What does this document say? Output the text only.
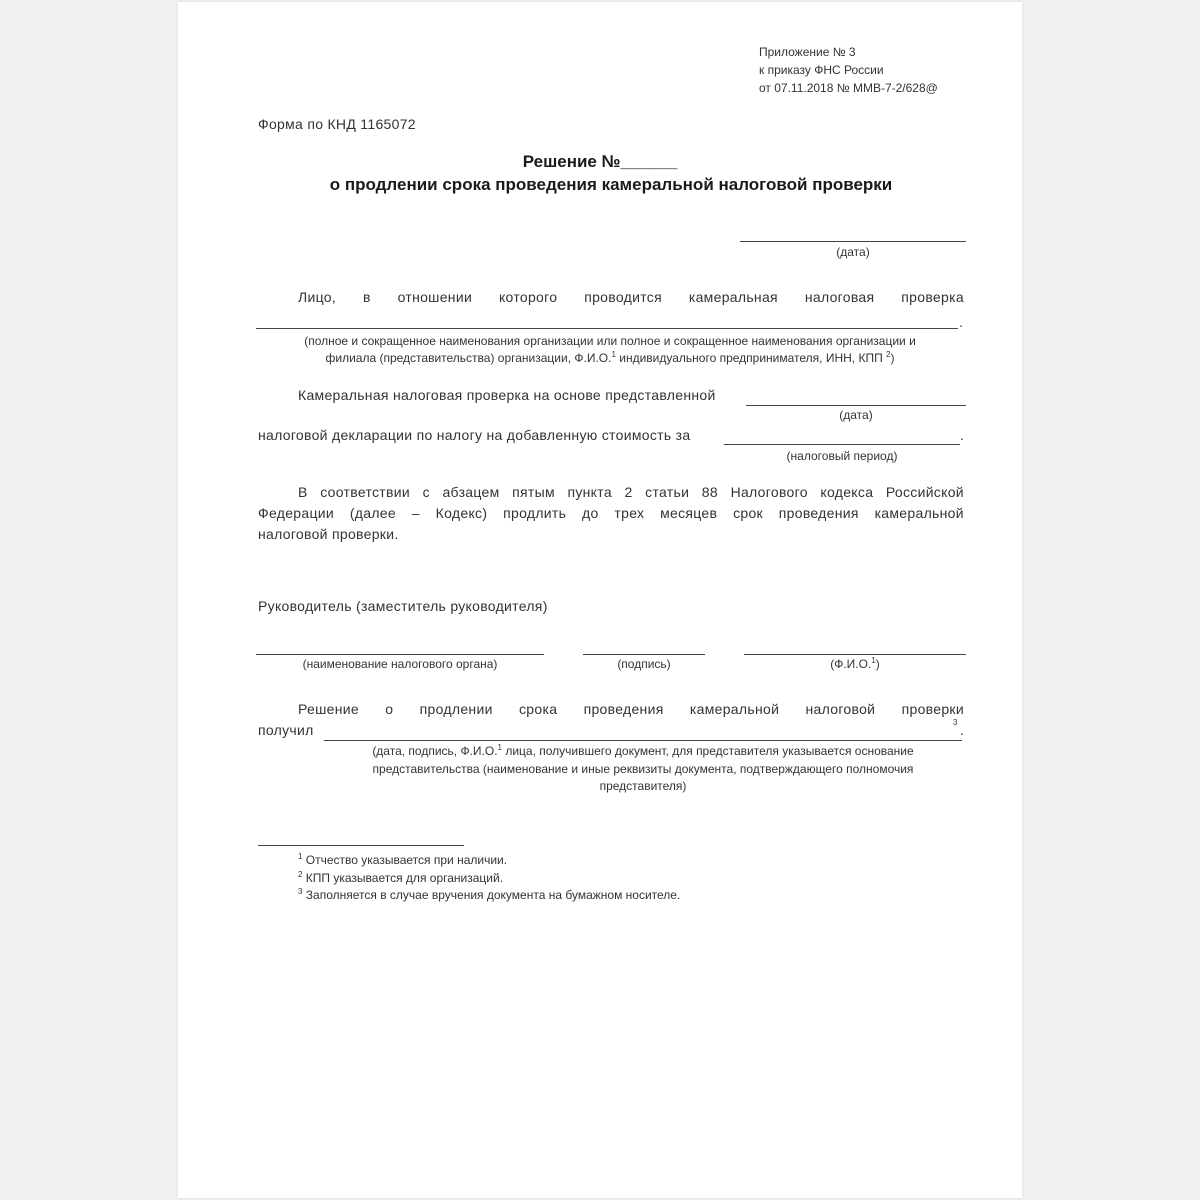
Приложение № 3
к приказу ФНС России
от 07.11.2018 № ММВ-7-2/628@
Форма по КНД 1165072
Решение №______
о продлении срока проведения камеральной налоговой проверки
(дата)
Лицо, в отношении которого проводится камеральная налоговая проверка
.
(полное и сокращенное наименования организации или полное и сокращенное наименования организации и
филиала (представительства) организации, Ф.И.О.$^1$ индивидуального предпринимателя, ИНН, КПП $^2$)
Камеральная налоговая проверка на основе представленной
(дата)
налоговой декларации по налогу на добавленную стоимость за	.
(налоговый период)
В соответствии с абзацем пятым пункта 2 статьи 88 Налогового кодекса Российской
Федерации (далее – Кодекс) продлить до трех месяцев срок проведения камеральной
налоговой проверки.
Руководитель (заместитель руководителя)
(наименование налогового органа)	(подпись)	(Ф.И.О.$^1$)
Решение о продлении срока проведения камеральной налоговой проверки
получил	3 .
(дата, подпись, Ф.И.О.$^1$ лица, получившего документ, для представителя указывается основание
представительства (наименование и иные реквизиты документа, подтверждающего полномочия
представителя)
$^1$ Отчество указывается при наличии.
$^2$ КПП указывается для организаций.
$^3$ Заполняется в случае вручения документа на бумажном носителе.
